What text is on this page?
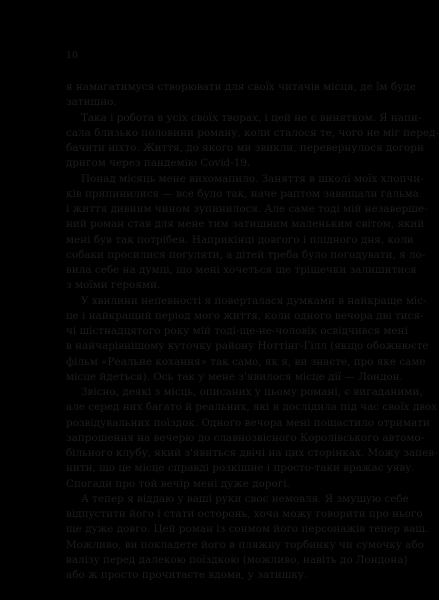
10
я намагатимуся створювати для своїх читачів місця, де їм буде
затишно.
Така і робота в усіх своїх творах, і цей не є винятком. Я напи-
сала близько половини роману, коли сталося те, чого не міг перед-
бачити ніхто. Життя, до якого ми звикли, перевернулося догори
дриґом через пандемію Covid-19.
Понад місяць мене вихомапило. Заняття в школі моїх хлопчи-
ків припинилися — все було так, наче раптом завищали гальма
і життя дивним чином зупинилося. Але саме тоді мій незаверше-
ний роман став для мене тим затишним маленьким світом, який
мені був так потрібен. Наприкінці довгого і плідного дня, коли
собаки просилися погуляти, а дітей треба було погодувати, я ло-
вила себе на думці, що мені хочеться ще трішечки залишитися
з моїми героями.
У хвилини непевності я поверталася думками в найкраще міс-
це і найкращий період мого життя, коли одного вечора дві тися-
чі шістнадцятого року мій тоді-ще-не-чоловік освідчився мені
в найчарівнішому куточку району Ноттінг-Гілл (якщо обожнюєте
фільм «Реальне кохання» так само, як я, ви знаєте, про яке саме
місце йдеться). Ось так у мене з'явилося місце дії — Лондон.
Звісно, деякі з місць, описаних у цьому романі, є вигаданими,
але серед них багато й реальних, які я дослідила під час своїх двох
розвідувальних поїздок. Одного вечора мені пощастило отримати
запрошення на вечерю до славнозвісного Королівського автомо-
більного клубу, який з'явиться двічі на цих сторінках. Можу запев-
нити, що це місце справді розкішне і просто-таки вражає уяву.
Спогади про той вечір мені дуже дорогі.
А тепер я віддаю у ваші руки своє немовля. Я змушую себе
відпустити його і стати осторонь, хоча можу говорити про нього
ще дуже довго. Цей роман із сонмом його персонажів тепер ваш.
Можливо, ви покладете його в пляжну торбинку чи сумочку або
валізу перед далекою поїздкою (можливо, навіть до Лондона)
або ж просто прочитаєте вдома, у затишку.
